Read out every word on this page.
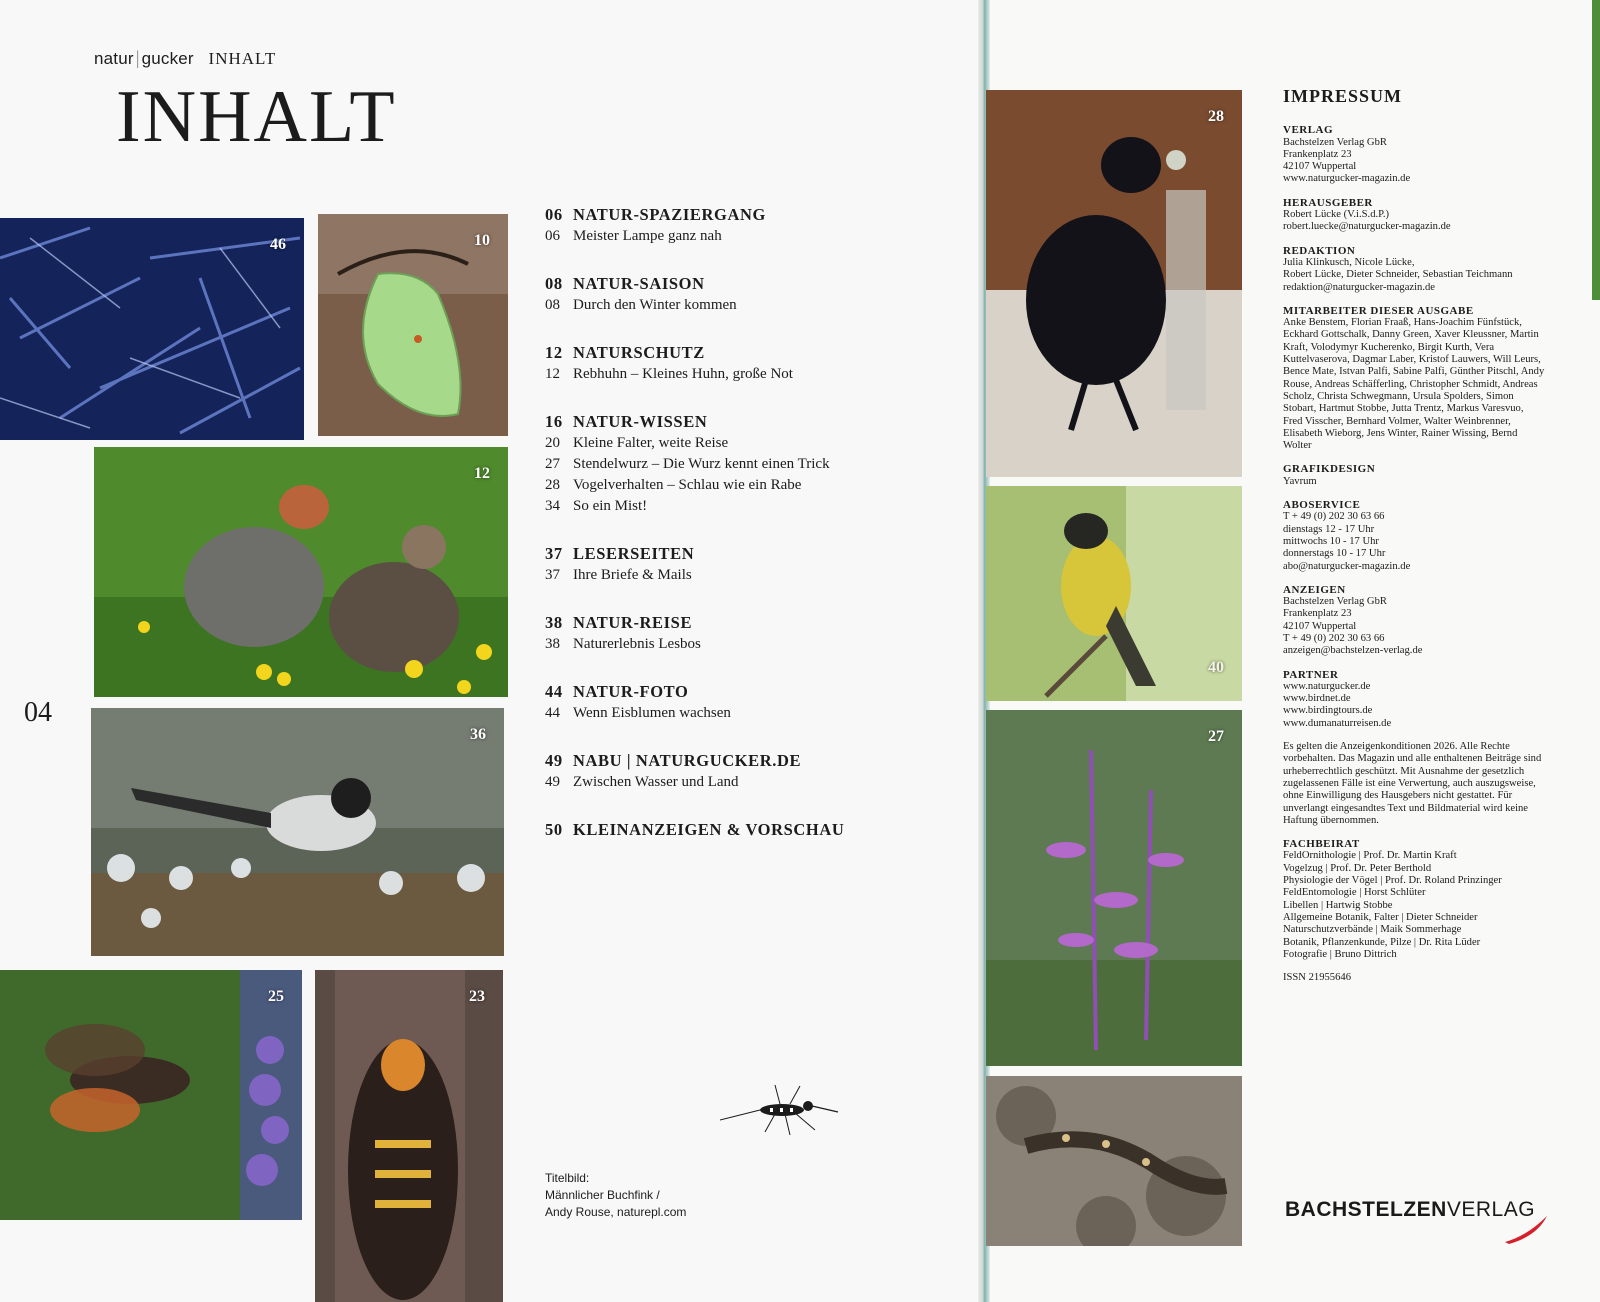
natur | gucker INHALT
INHALT
46	10
12
36
25	23
04
06 NATUR-SPAZIERGANG
06 Meister Lampe ganz nah
08 NATUR-SAISON
08 Durch den Winter kommen
12 NATURSCHUTZ
12 Rebhuhn – Kleines Huhn, große Not
16 NATUR-WISSEN
20 Kleine Falter, weite Reise
27 Stendelwurz – Die Wurz kennt einen Trick
28 Vogelverhalten – Schlau wie ein Rabe
34 So ein Mist!
37 LESERSEITEN
37 Ihre Briefe & Mails
38 NATUR-REISE
38 Naturerlebnis Lesbos
44 NATUR-FOTO
44 Wenn Eisblumen wachsen
49 NABU | NATURGUCKER.DE
49 Zwischen Wasser und Land
50 KLEINANZEIGEN & VORSCHAU
Titelbild:
Männlicher Buchfink /
Andy Rouse, naturepl.com
28
40
27
IMPRESSUM
VERLAG
Bachstelzen Verlag GbR
Frankenplatz 23
42107 Wuppertal
www.naturgucker-magazin.de
HERAUSGEBER
Robert Lücke (V.i.S.d.P.)
robert.luecke@naturgucker-magazin.de
REDAKTION
Julia Klinkusch, Nicole Lücke,
Robert Lücke, Dieter Schneider, Sebastian Teichmann
redaktion@naturgucker-magazin.de
MITARBEITER DIESER AUSGABE
Anke Benstem, Florian Fraaß, Hans-Joachim Fünfstück,
Eckhard Gottschalk, Danny Green, Xaver Kleussner, Martin
Kraft, Volodymyr Kucherenko, Birgit Kurth, Vera
Kuttelvaserova, Dagmar Laber, Kristof Lauwers, Will Leurs,
Bence Mate, Istvan Palfi, Sabine Palfi, Günther Pitschl, Andy
Rouse, Andreas Schäfferling, Christopher Schmidt, Andreas
Scholz, Christa Schwegmann, Ursula Spolders, Simon
Stobart, Hartmut Stobbe, Jutta Trentz, Markus Varesvuo,
Fred Visscher, Bernhard Volmer, Walter Weinbrenner,
Elisabeth Wieborg, Jens Winter, Rainer Wissing, Bernd
Wolter
GRAFIKDESIGN
Yavrum
ABOSERVICE
T + 49 (0) 202 30 63 66
dienstags 12 - 17 Uhr
mittwochs 10 - 17 Uhr
donnerstags 10 - 17 Uhr
abo@naturgucker-magazin.de
ANZEIGEN
Bachstelzen Verlag GbR
Frankenplatz 23
42107 Wuppertal
T + 49 (0) 202 30 63 66
anzeigen@bachstelzen-verlag.de
PARTNER
www.naturgucker.de
www.birdnet.de
www.birdingtours.de
www.dumanaturreisen.de
Es gelten die Anzeigenkonditionen 2026. Alle Rechte
vorbehalten. Das Magazin und alle enthaltenen Beiträge sind
urheberrechtlich geschützt. Mit Ausnahme der gesetzlich
zugelassenen Fälle ist eine Verwertung, auch auszugsweise,
ohne Einwilligung des Hausgebers nicht gestattet. Für
unverlangt eingesandtes Text und Bildmaterial wird keine
Haftung übernommen.
FACHBEIRAT
FeldOrnithologie | Prof. Dr. Martin Kraft
Vogelzug | Prof. Dr. Peter Berthold
Physiologie der Vögel | Prof. Dr. Roland Prinzinger
FeldEntomologie | Horst Schlüter
Libellen | Hartwig Stobbe
Allgemeine Botanik, Falter | Dieter Schneider
Naturschutzverbände | Maik Sommerhage
Botanik, Pflanzenkunde, Pilze | Dr. Rita Lüder
Fotografie | Bruno Dittrich
ISSN 21955646
BACHSTELZENVERLAG
